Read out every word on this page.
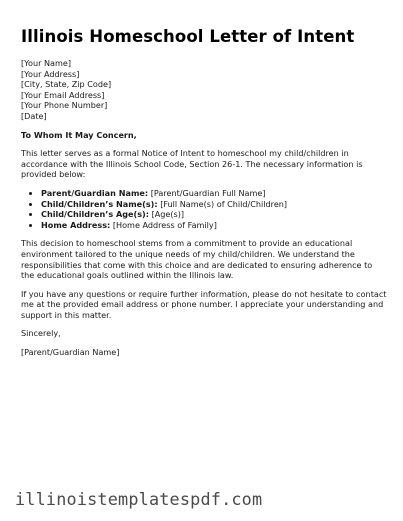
Illinois Homeschool Letter of Intent
[Your Name]
[Your Address]
[City, State, Zip Code]
[Your Email Address]
[Your Phone Number]
[Date]
To Whom It May Concern,

This letter serves as a formal Notice of Intent to homeschool my child/children in accordance with the Illinois School Code, Section 26-1. The necessary information is provided below:

• Parent/Guardian Name: [Parent/Guardian Full Name]
• Child/Children’s Name(s): [Full Name(s) of Child/Children]
• Child/Children’s Age(s): [Age(s)]
• Home Address: [Home Address of Family]

This decision to homeschool stems from a commitment to provide an educational environment tailored to the unique needs of my child/children. We understand the responsibilities that come with this choice and are dedicated to ensuring adherence to the educational goals outlined within the Illinois law.

If you have any questions or require further information, please do not hesitate to contact me at the provided email address or phone number. I appreciate your understanding and support in this matter.

Sincerely,
[Parent/Guardian Name]
illinoistemplatespdf.com
